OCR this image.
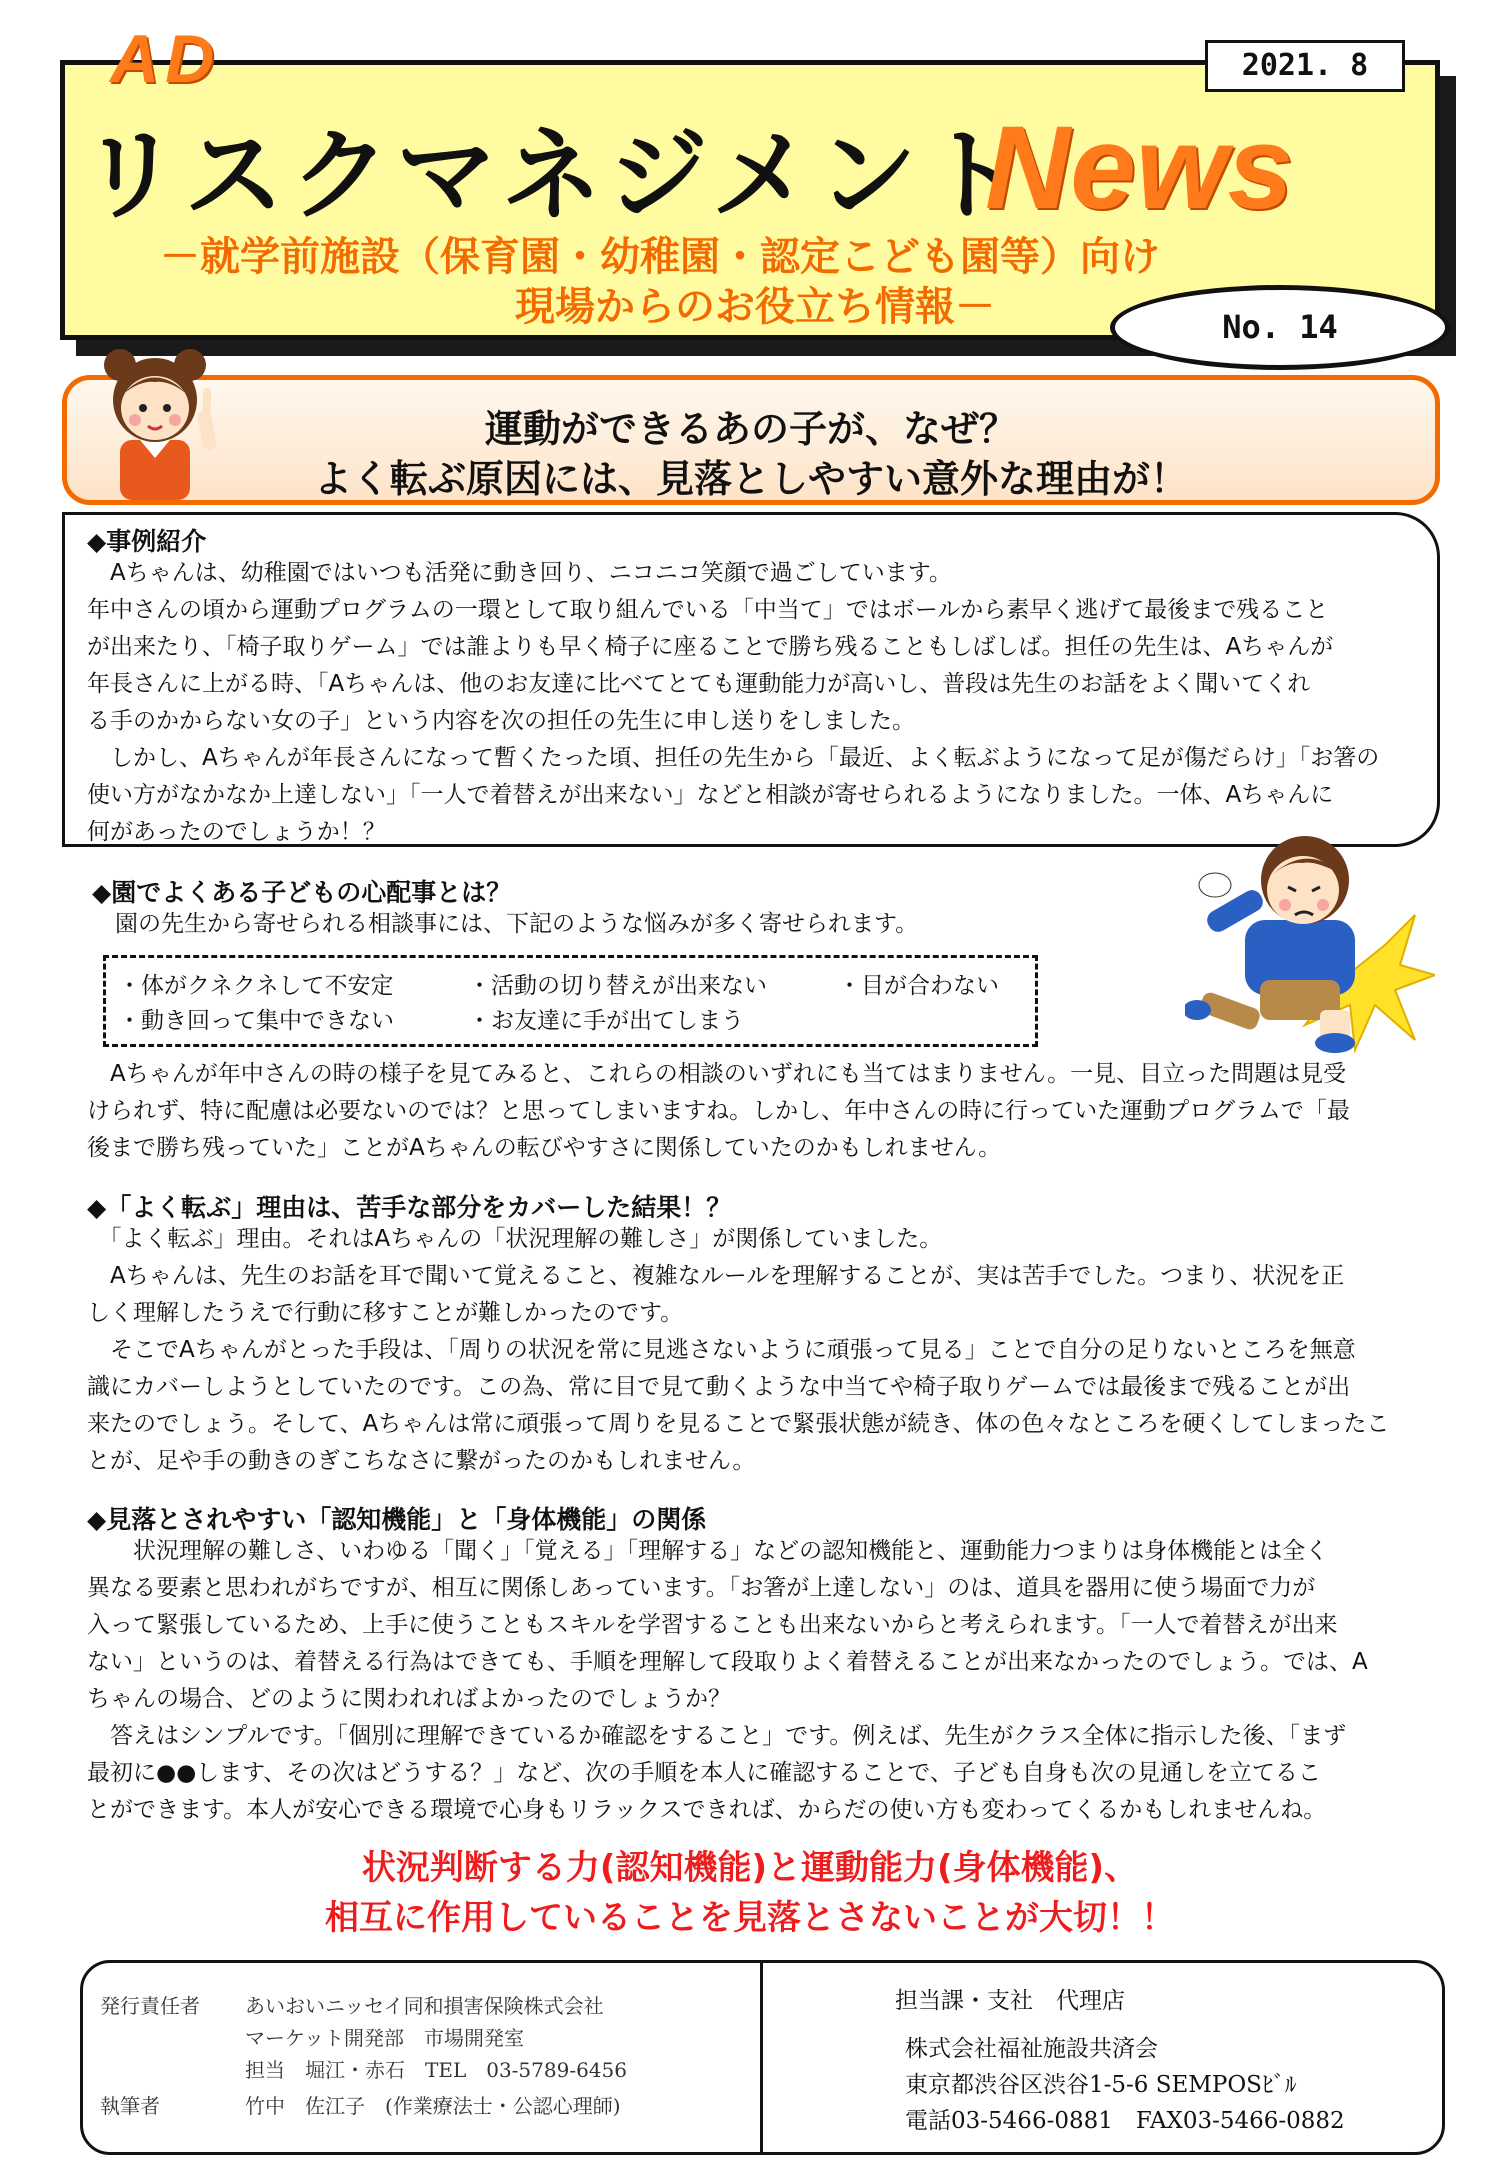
AD	2021. 8
リスクマネジメント
News
－就学前施設（保育園・幼稚園・認定こども園等）向け
現場からのお役立ち情報－	No. 14
運動ができるあの子が、なぜ？
よく転ぶ原因には、見落としやすい意外な理由が！
◆事例紹介
　Aちゃんは、幼稚園ではいつも活発に動き回り、ニコニコ笑顔で過ごしています。
年中さんの頃から運動プログラムの一環として取り組んでいる「中当て」ではボールから素早く逃げて最後まで残ること
が出来たり、「椅子取りゲーム」では誰よりも早く椅子に座ることで勝ち残ることもしばしば。担任の先生は、Aちゃんが
年長さんに上がる時、「Aちゃんは、他のお友達に比べてとても運動能力が高いし、普段は先生のお話をよく聞いてくれ
る手のかからない女の子」という内容を次の担任の先生に申し送りをしました。
　しかし、Aちゃんが年長さんになって暫くたった頃、担任の先生から「最近、よく転ぶようになって足が傷だらけ」「お箸の
使い方がなかなか上達しない」「一人で着替えが出来ない」などと相談が寄せられるようになりました。一体、Aちゃんに
何があったのでしょうか！？
◆園でよくある子どもの心配事とは？
　園の先生から寄せられる相談事には、下記のような悩みが多く寄せられます。
・体がクネクネして不安定	・活動の切り替えが出来ない	・目が合わない
・動き回って集中できない	・お友達に手が出てしまう
　Aちゃんが年中さんの時の様子を見てみると、これらの相談のいずれにも当てはまりません。一見、目立った問題は見受
けられず、特に配慮は必要ないのでは？と思ってしまいますね。しかし、年中さんの時に行っていた運動プログラムで「最
後まで勝ち残っていた」ことがAちゃんの転びやすさに関係していたのかもしれません。
◆「よく転ぶ」理由は、苦手な部分をカバーした結果！？
　「よく転ぶ」理由。それはAちゃんの「状況理解の難しさ」が関係していました。
　Aちゃんは、先生のお話を耳で聞いて覚えること、複雑なルールを理解することが、実は苦手でした。つまり、状況を正
しく理解したうえで行動に移すことが難しかったのです。
　そこでAちゃんがとった手段は、「周りの状況を常に見逃さないように頑張って見る」ことで自分の足りないところを無意
識にカバーしようとしていたのです。この為、常に目で見て動くような中当てや椅子取りゲームでは最後まで残ることが出
来たのでしょう。そして、Aちゃんは常に頑張って周りを見ることで緊張状態が続き、体の色々なところを硬くしてしまったこ
とが、足や手の動きのぎこちなさに繋がったのかもしれません。
◆見落とされやすい「認知機能」と「身体機能」の関係
　　状況理解の難しさ、いわゆる「聞く」「覚える」「理解する」などの認知機能と、運動能力つまりは身体機能とは全く
異なる要素と思われがちですが、相互に関係しあっています。「お箸が上達しない」のは、道具を器用に使う場面で力が
入って緊張しているため、上手に使うこともスキルを学習することも出来ないからと考えられます。「一人で着替えが出来
ない」というのは、着替える行為はできても、手順を理解して段取りよく着替えることが出来なかったのでしょう。では、A
ちゃんの場合、どのように関われればよかったのでしょうか？
　答えはシンプルです。「個別に理解できているか確認をすること」です。例えば、先生がクラス全体に指示した後、「まず
最初に●●します、その次はどうする？」など、次の手順を本人に確認することで、子ども自身も次の見通しを立てるこ
とができます。本人が安心できる環境で心身もリラックスできれば、からだの使い方も変わってくるかもしれませんね。
状況判断する力(認知機能)と運動能力(身体機能)、
相互に作用していることを見落とさないことが大切！！
発行責任者 あいおいニッセイ同和損害保険株式会社
マーケット開発部　市場開発室
担当　堀江・赤石　TEL　03-5789-6456
執筆者	竹中　佐江子　(作業療法士・公認心理師)
担当課・支社　代理店
株式会社福祉施設共済会
東京都渋谷区渋谷1-5-6 SEMPOSﾋﾞﾙ
電話03-5466-0881　FAX03-5466-0882
